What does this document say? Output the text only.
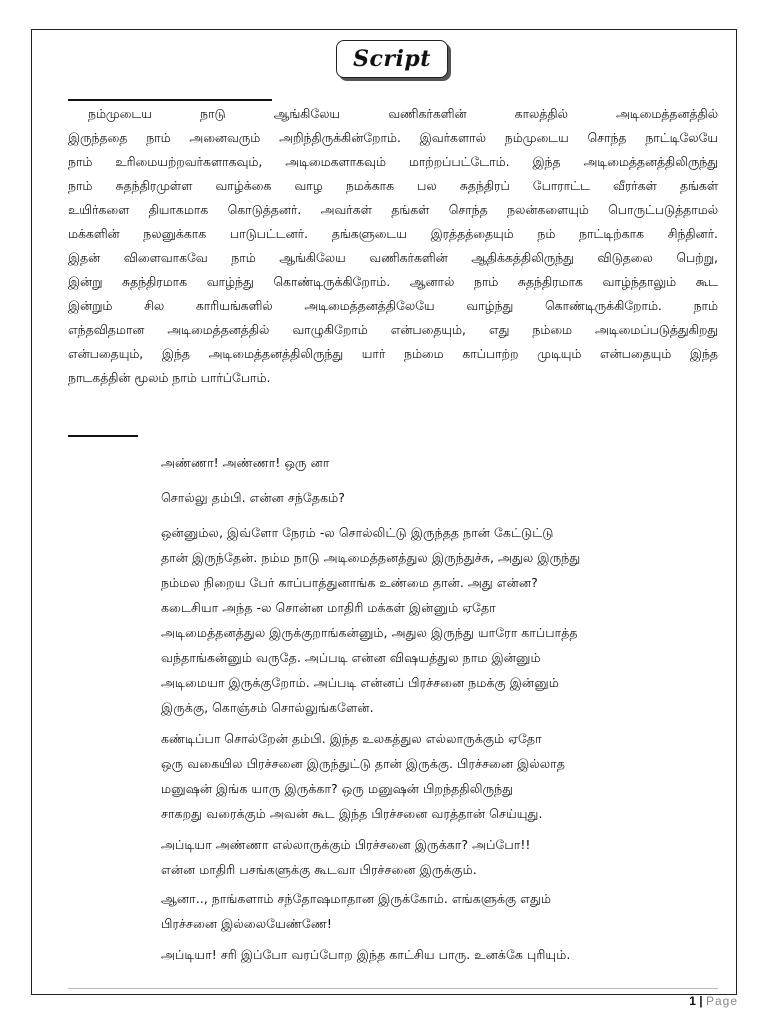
Script
நம்முடைய நாடு ஆங்கிலேய வணிகர்களின் காலத்தில் அடிமைத்தனத்தில்
இருந்ததை நாம் அனைவரும் அறிந்திருக்கின்றோம். இவர்களால் நம்முடைய சொந்த நாட்டிலேயே
நாம் உரிமையற்றவர்களாகவும், அடிமைகளாகவும் மாற்றப்பட்டோம். இந்த அடிமைத்தனத்திலிருந்து
நாம் சுதந்திரமுள்ள வாழ்க்கை வாழ நமக்காக பல சுதந்திரப் போராட்ட வீரர்கள் தங்கள்
உயிர்களை தியாகமாக கொடுத்தனர். அவர்கள் தங்கள் சொந்த நலன்களையும் பொருட்படுத்தாமல்
மக்களின் நலனுக்காக பாடுபட்டனர். தங்களுடைய இரத்தத்தையும் நம் நாட்டிற்காக சிந்தினர்.
இதன் விளைவாகவே நாம் ஆங்கிலேய வணிகர்களின் ஆதிக்கத்திலிருந்து விடுதலை பெற்று,
இன்று சுதந்திரமாக வாழ்ந்து கொண்டிருக்கிறோம். ஆனால் நாம் சுதந்திரமாக வாழ்ந்தாலும் கூட
இன்றும் சில காரியங்களில் அடிமைத்தனத்திலேயே வாழ்ந்து கொண்டிருக்கிறோம். நாம்
எந்தவிதமான அடிமைத்தனத்தில் வாழுகிறோம் என்பதையும், எது நம்மை அடிமைப்படுத்துகிறது
என்பதையும், இந்த அடிமைத்தனத்திலிருந்து யார் நம்மை காப்பாற்ற முடியும் என்பதையும் இந்த
நாடகத்தின் மூலம் நாம் பார்ப்போம்.
அண்ணா! அண்ணா! ஒரு னா
சொல்லு தம்பி. என்ன சந்தேகம்?
ஒன்னும்ல, இவ்ளோ நேரம் -ல சொல்லிட்டு இருந்தத நான் கேட்டுட்டு
தான் இருந்தேன். நம்ம நாடு அடிமைத்தனத்துல இருந்துச்சு, அதுல இருந்து
நம்மல நிறைய பேர் காப்பாத்துனாங்க உண்மை தான். அது என்ன?
கடைசியா அந்த -ல சொன்ன மாதிரி மக்கள் இன்னும் ஏதோ
அடிமைத்தனத்துல இருக்குறாங்கன்னும், அதுல இருந்து யாரோ காப்பாத்த
வந்தாங்கன்னும் வருதே. அப்படி என்ன விஷயத்துல நாம இன்னும்
அடிமையா இருக்குறோம். அப்படி என்னப் பிரச்சனை நமக்கு இன்னும்
இருக்கு, கொஞ்சம் சொல்லுங்களேன்.
கண்டிப்பா சொல்றேன் தம்பி. இந்த உலகத்துல எல்லாருக்கும் ஏதோ
ஒரு வகையில பிரச்சனை இருந்துட்டு தான் இருக்கு. பிரச்சனை இல்லாத
மனுஷன் இங்க யாரு இருக்கா? ஒரு மனுஷன் பிறந்ததிலிருந்து
சாகறது வரைக்கும் அவன் கூட இந்த பிரச்சனை வரத்தான் செய்யுது.
அப்டியா அண்ணா எல்லாருக்கும் பிரச்சனை இருக்கா? அப்போ!!
என்ன மாதிரி பசங்களுக்கு கூடவா பிரச்சனை இருக்கும்.
ஆனா.., நாங்களாம் சந்தோஷமாதான இருக்கோம். எங்களுக்கு எதும்
பிரச்சனை இல்லையேண்ணே!
அப்டியா! சரி இப்போ வரப்போற இந்த காட்சிய பாரு. உனக்கே புரியும்.
1 | Page
